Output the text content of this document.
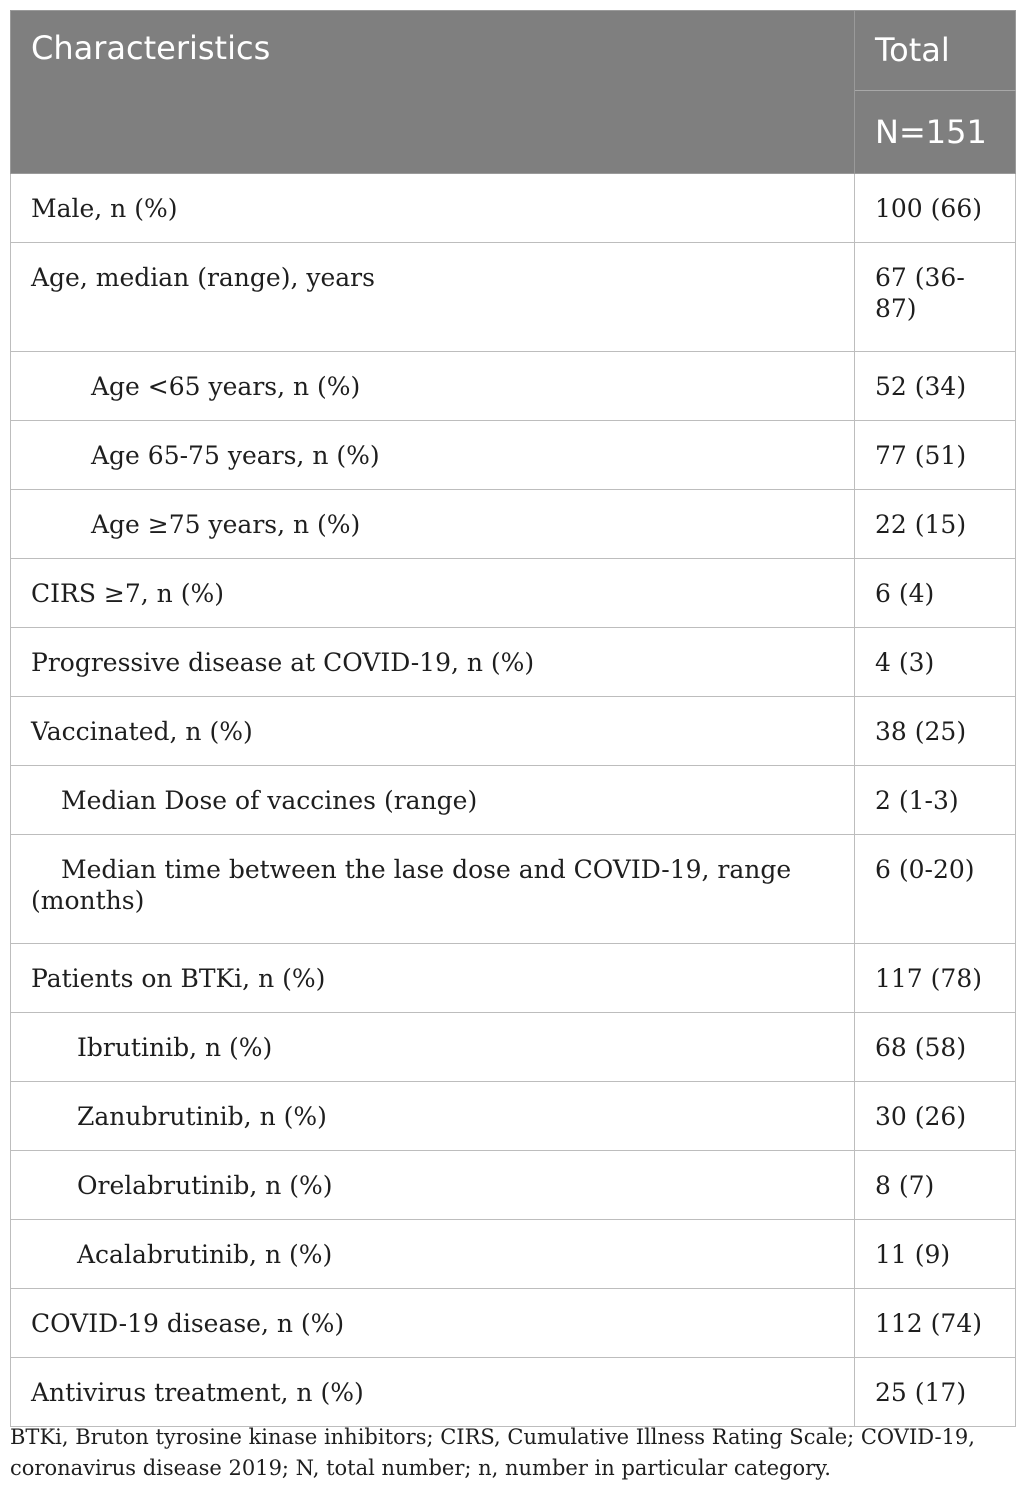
Characteristics	Total
	N=151
Male, n (%)	100 (66)
Age, median (range), years	67 (36-87)
Age <65 years, n (%)	52 (34)
Age 65-75 years, n (%)	77 (51)
Age ≥75 years, n (%)	22 (15)
CIRS ≥7, n (%)	6 (4)
Progressive disease at COVID-19, n (%)	4 (3)
Vaccinated, n (%)	38 (25)
Median Dose of vaccines (range)	2 (1-3)
Median time between the lase dose and COVID-19, range (months)	6 (0-20)
Patients on BTKi, n (%)	117 (78)
Ibrutinib, n (%)	68 (58)
Zanubrutinib, n (%)	30 (26)
Orelabrutinib, n (%)	8 (7)
Acalabrutinib, n (%)	11 (9)
COVID-19 disease, n (%)	112 (74)
Antivirus treatment, n (%)	25 (17)

BTKi, Bruton tyrosine kinase inhibitors; CIRS, Cumulative Illness Rating Scale; COVID-19, coronavirus disease 2019; N, total number; n, number in particular category.
